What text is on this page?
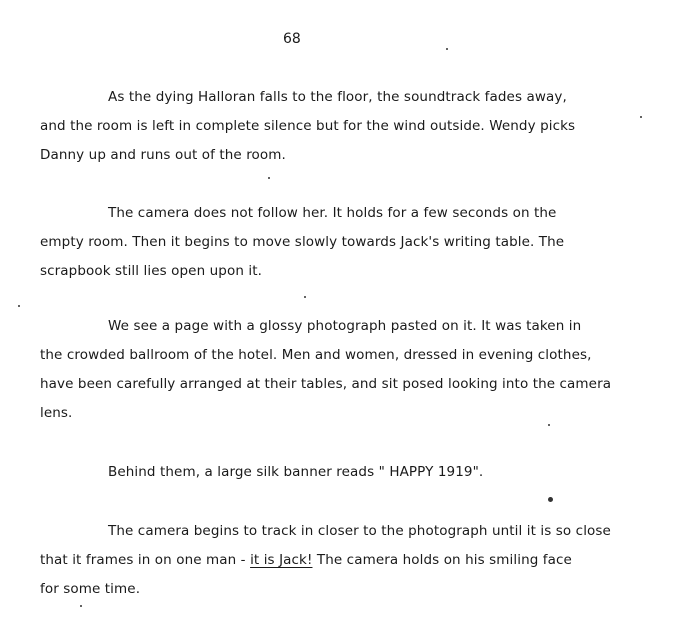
68

As the dying Halloran falls to the floor, the soundtrack fades away,
and the room is left in complete silence but for the wind outside. Wendy picks
Danny up and runs out of the room.

The camera does not follow her. It holds for a few seconds on the
empty room. Then it begins to move slowly towards Jack's writing table. The
scrapbook still lies open upon it.

We see a page with a glossy photograph pasted on it. It was taken in
the crowded ballroom of the hotel. Men and women, dressed in evening clothes,
have been carefully arranged at their tables, and sit posed looking into the camera
lens.

Behind them, a large silk banner reads " HAPPY 1919".

The camera begins to track in closer to the photograph until it is so close
that it frames in on one man - it is Jack! The camera holds on his smiling face
for some time.
